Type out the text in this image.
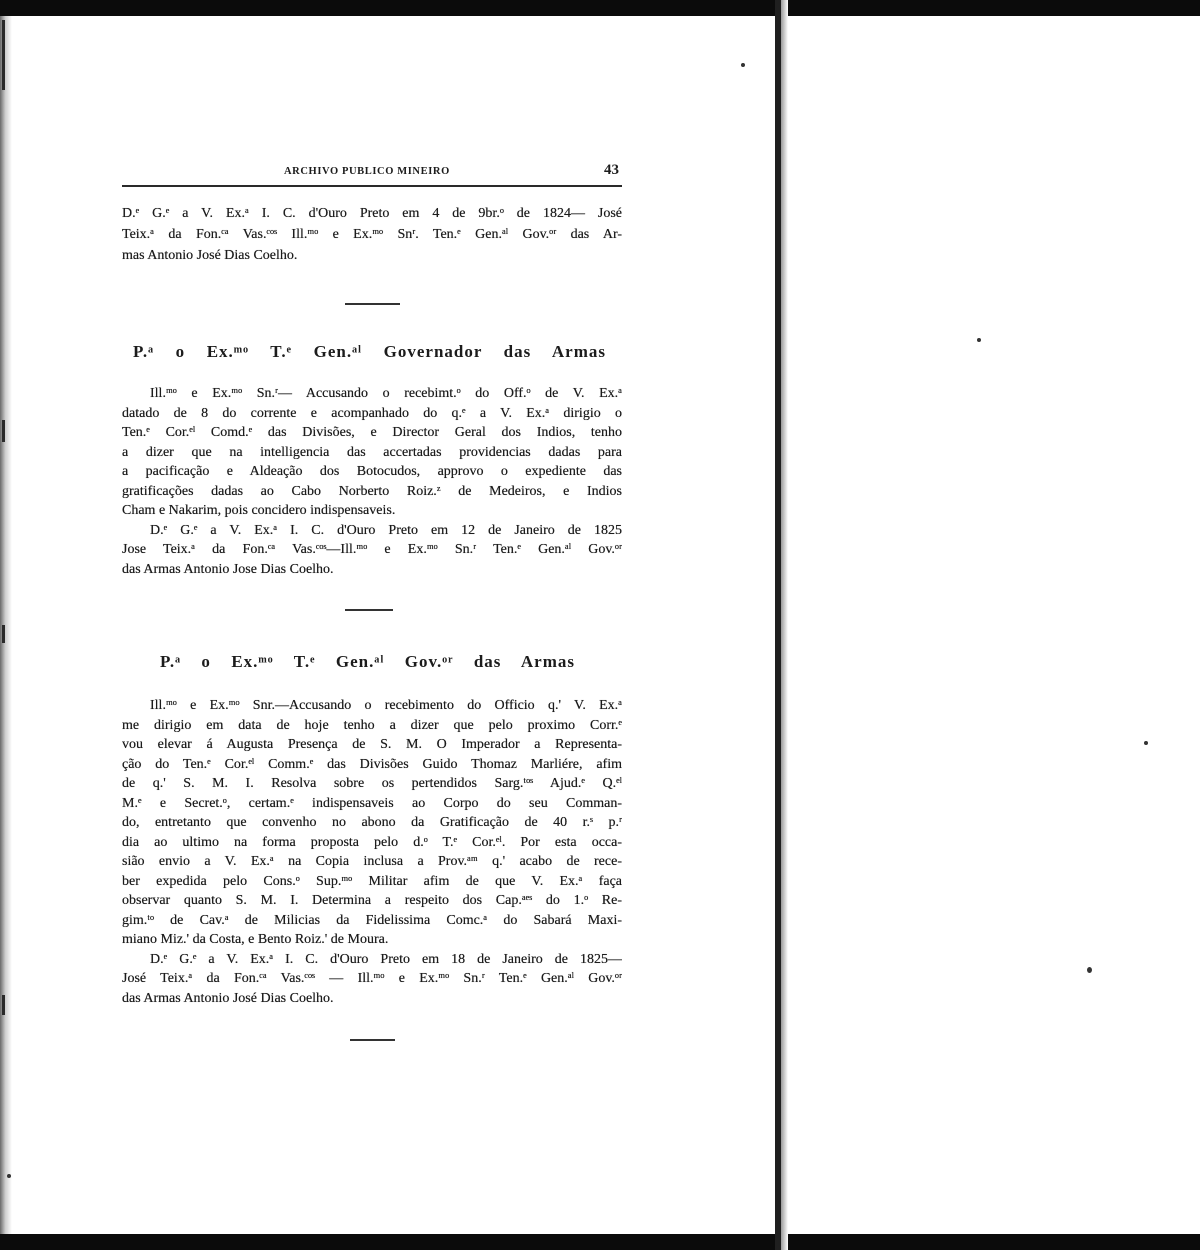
ARCHIVO PUBLICO MINEIRO	43
D.ᵉ G.ᵉ a V. Ex.ᵃ I. C. d'Ouro Preto em 4 de 9br.ᵒ de 1824— José
Teix.ᵃ da Fon.ᶜᵃ Vas.ᶜᵒˢ Ill.ᵐᵒ e Ex.ᵐᵒ Snʳ. Ten.ᵉ Gen.ᵃˡ Gov.ᵒʳ das Ar-
mas Antonio José Dias Coelho.
P.ᵃ o Ex.ᵐᵒ T.ᵉ Gen.ᵃˡ Governador das Armas
Ill.ᵐᵒ e Ex.ᵐᵒ Sn.ʳ— Accusando o recebimt.ᵒ do Off.ᵒ de V. Ex.ᵃ
datado de 8 do corrente e acompanhado do q.ᵉ a V. Ex.ᵃ dirigio o
Ten.ᵉ Cor.ᵉˡ Comd.ᵉ das Divisões, e Director Geral dos Indios, tenho
a dizer que na intelligencia das accertadas providencias dadas para
a pacificação e Aldeação dos Botocudos, approvo o expediente das
gratificações dadas ao Cabo Norberto Roiz.ᶻ de Medeiros, e Indios
Cham e Nakarim, pois concidero indispensaveis.
D.ᵉ G.ᵉ a V. Ex.ᵃ I. C. d'Ouro Preto em 12 de Janeiro de 1825
Jose Teix.ᵃ da Fon.ᶜᵃ Vas.ᶜᵒˢ—Ill.ᵐᵒ e Ex.ᵐᵒ Sn.ʳ Ten.ᵉ Gen.ᵃˡ Gov.ᵒʳ
das Armas Antonio Jose Dias Coelho.
P.ᵃ o Ex.ᵐᵒ T.ᵉ Gen.ᵃˡ Gov.ᵒʳ das Armas
Ill.ᵐᵒ e Ex.ᵐᵒ Snr.—Accusando o recebimento do Officio q.' V. Ex.ᵃ
me dirigio em data de hoje tenho a dizer que pelo proximo Corr.ᵉ
vou elevar á Augusta Presença de S. M. O Imperador a Representa-
ção do Ten.ᵉ Cor.ᵉˡ Comm.ᵉ das Divisões Guido Thomaz Marliére, afim
de q.' S. M. I. Resolva sobre os pertendidos Sarg.ᵗᵒˢ Ajud.ᵉ Q.ᵉˡ
M.ᵉ e Secret.ᵒ, certam.ᵉ indispensaveis ao Corpo do seu Comman-
do, entretanto que convenho no abono da Gratificação de 40 r.ˢ p.ʳ
dia ao ultimo na forma proposta pelo d.ᵒ T.ᵉ Cor.ᵉˡ. Por esta occa-
sião envio a V. Ex.ᵃ na Copia inclusa a Prov.ᵃᵐ q.' acabo de rece-
ber expedida pelo Cons.ᵒ Sup.ᵐᵒ Militar afim de que V. Ex.ᵃ faça
observar quanto S. M. I. Determina a respeito dos Cap.ᵃᵉˢ do 1.ᵒ Re-
gim.ᵗᵒ de Cav.ᵃ de Milicias da Fidelissima Comc.ᵃ do Sabará Maxi-
miano Miz.' da Costa, e Bento Roiz.' de Moura.
D.ᵉ G.ᵉ a V. Ex.ᵃ I. C. d'Ouro Preto em 18 de Janeiro de 1825—
José Teix.ᵃ da Fon.ᶜᵃ Vas.ᶜᵒˢ — Ill.ᵐᵒ e Ex.ᵐᵒ Sn.ʳ Ten.ᵉ Gen.ᵃˡ Gov.ᵒʳ
das Armas Antonio José Dias Coelho.
